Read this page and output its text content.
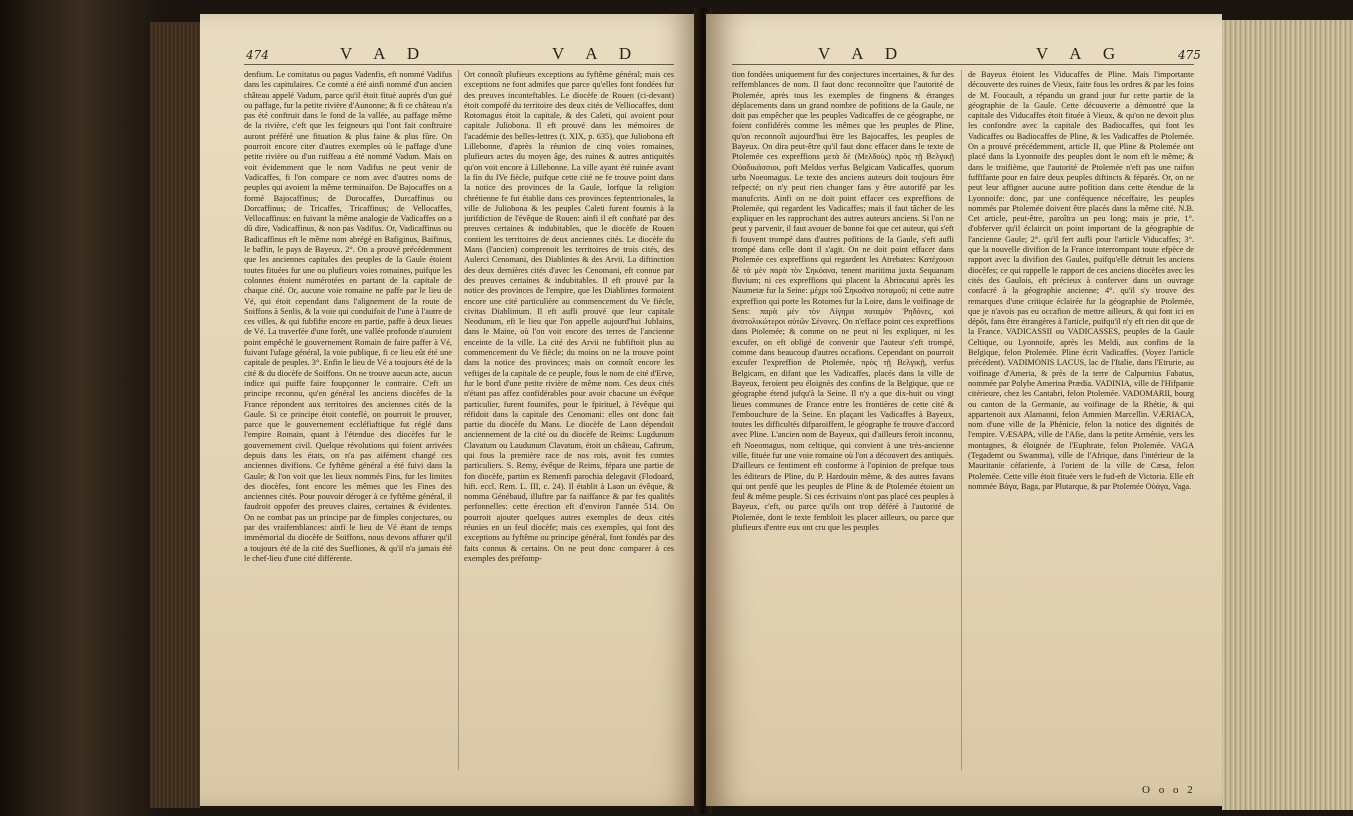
474	V A D	V A D
denfium. Le comitatus ou pagus Vadenfis, eft nommé Vadifus dans les capitulaires. Ce comté a été ainfi nommé d'un ancien château appelé Vadum, parce qu'il étoit fitué auprès d'un gué ou paffage, fur la petite rivière d'Aunonne; & fi ce château n'a pas été conftruit dans le fond de la vallée, au paffage même de la rivière, c'eft que les feigneurs qui l'ont fait conftruire auront préféré une fituation & plus faine & plus fûre. On pourroit encore citer d'autres exemples où le paffage d'une petite rivière ou d'un ruiffeau a été nommé Vadum. Mais on voit évidemment que le nom Vadifus ne peut venir de Vadicaffes, fi l'on compare ce nom avec d'autres noms de peuples qui avoient la même terminaifon. De Bajocaffes on a formé Bajocaffinus; de Durocaffes, Durcaffinus ou Dorcaffinus; de Tricaffes, Tricaffinus; de Vellocaffes, Vellocaffinus: en fuivant la même analogie de Vadicaffes on a dû dire, Vadicaffinus, & non pas Vadifus. Or, Vadicaffinus ou Badicaffinus eft le même nom abrégé en Bafiginus, Baifinus, le baffin, le pays de Bayeux. 2°. On a prouvé précédemment que les anciennes capitales des peuples de la Gaule étoient toutes fituées fur une ou plufieurs voies romaines, puifque les colonnes étoient numérotées en partant de la capitale de chaque cité. Or, aucune voie romaine ne paffe par le lieu de Vé, qui étoit cependant dans l'alignement de la route de Soiffons à Senlis, & la voie qui conduifoit de l'une à l'autre de ces villes, & qui fubfifte encore en partie, paffe à deux lieues de Vé. La traverfée d'une forêt, une vallée profonde n'auroient point empêché le gouvernement Romain de faire paffer à Vé, fuivant l'ufage général, la voie publique, fi ce lieu eût été une capitale de peuples. 3°. Enfin le lieu de Vé a toujours été de la cité & du diocèfe de Soiffons. On ne trouve aucun acte, aucun indice qui puiffe faire foupçonner le contraire. C'eft un principe reconnu, qu'en général les anciens diocèfes de la France répondent aux territoires des anciennes cités de la Gaule. Si ce principe étoit conteflé, on pourroit le prouver, parce que le gouvernement eccléfiaftique fut réglé dans l'empire Romain, quant à l'étendue des diocèfes fur le gouvernement civil. Quelque révolutions qui foient arrivées depuis dans les états, on n'a pas aifément changé ces anciennes divifions. Ce fyftême général a été fuivi dans la Gaule; & l'on voit que les lieux nommés Fins, fur les limites des diocèfes, font encore les mêmes que les Fines des anciennes cités. Pour pouvoir déroger à ce fyftême général, il faudroit oppofer des preuves claires, certaines & évidentes. On ne combat pas un principe par de fimples conjectures, ou par des vraifemblances: ainfi le lieu de Vé étant de temps immémorial du diocèfe de Soiffons, nous devons affurer qu'il a toujours été de la cité des Suefliones, & qu'il n'a jamais été le chef-lieu d'une cité différente.
Ort connoît plufieurs exceptions au fyftême général; mais ces exceptions ne font admifes que parce qu'elles font fondées fur des preuves inconteftables. Le diocèfe de Rouen (ci-devant) étoit compofé du territoire des deux cités de Velliocaffes, dont Rotomagus étoit la capitale, & des Caleti, qui avoient pour capitale Juliobona. Il eft prouvé dans les mémoires de l'académie des belles-lettres (t. XIX, p. 635), que Juliobona eft Lillebonne, d'après la réunion de cinq voies romaines, plufieurs actes du moyen âge, des ruines & autres antiquités qu'on voit encore à Lillebonne. La ville ayant été ruinée avant la fin du IVe fiècle, puifque cette cité ne fe trouve point dans la notice des provinces de la Gaule, lorfque la religion chrétienne fe fut établie dans ces provinces feptentrionales, la ville de Juliobona & les peuples Caleti furent foumis à la jurifdiction de l'évêque de Rouen: ainfi il eft conftaté par des preuves certaines & indubitables, que le diocèfe de Rouen contient les territoires de deux anciennes cités. Le diocèfe du Mans (l'ancien) comprenoit les territoires de trois cités, des Aulerci Cenomani, des Diablintes & des Arvii. La diftinction des deux dernières cités d'avec les Cenomani, eft connue par des preuves certaines & indubitables. Il eft prouvé par la notice des provinces de l'empire, que les Diablintes formoient encore une cité particulière au commencement du Ve fiècle, civitas Diablintum. Il eft aufli prouvé que leur capitale Neodunum, eft le lieu que l'on appelle aujourd'hui Jublains, dans le Maine, où l'on voit encore des terres de l'ancienne enceinte de la ville. La cité des Arvii ne fubfiftoit plus au commencement du Ve fiècle; du moins on ne la trouve point dans la notice des provinces; mais on connoît encore les veftiges de la capitale de ce peuple, fous le nom de cité d'Erve, fur le bord d'une petite rivière de même nom. Ces deux cités n'étant pas affez confidérables pour avoir chacune un évêque particulier, furent foumifes, pour le fpirituel, à l'évêque qui réfidoit dans la capitale des Cenomani: elles ont donc fait partie du diocèfe du Mans. Le diocèfe de Laon dépendoit anciennement de la cité ou du diocèfe de Reims: Lugdunum Clavatum ou Laudunum Clavatum, étoit un château, Caftrum, qui fous la première race de nos rois, avoit fes comtes particuliers. S. Remy, évêque de Reims, fépara une partie de fon diocèfe, partim ex Remenfi parochia delegavit (Flodoard, hift. eccl. Rem. L. III, c. 24). Il établit à Laon un évêque, & nomma Génébaud, illuftre par fa naiffance & par fes qualités perfonnelles: cette érection eft d'environ l'année 514. On pourroit ajouter quelques autres exemples de deux cités réunies en un feul diocèfe; mais ces exemples, qui font des exceptions au fyftême ou principe général, font fondés par des faits connus & certains. On ne peut donc comparer à ces exemples des préfomp-
V A D	V A G	475
tion fondées uniquement fur des conjectures incertaines, & fur des reffemblances de nom. Il faut donc reconnoître que l'autorité de Ptolemée, après tous les exemples de fingnens & étranges déplacements dans un grand nombre de pofitions de la Gaule, ne doit pas empêcher que les peuples Vadicaffes de ce géographe, ne foient confidérés comme les mêmes que les peuples de Pline, qu'on reconnoît aujourd'hui être les Bajocaffes, les peuples de Bayeux. On dira peut-être qu'il faut donc effacer dans le texte de Ptolemée ces expreffions μετὰ δὲ (Μελδοὺς) πρὸς τῇ Βελγικῇ Οὐαδικάσσιοι, poft Meldos verfus Belgicam Vadicaffes, quorum urbs Noeomagus. Le texte des anciens auteurs doit toujours être refpecté; on n'y peut rien changer fans y être autorifé par les manufcrits. Ainfi on ne doit point effacer ces expreffions de Ptolemée, qui regardent les Vadicaffes; mais il faut tâcher de les expliquer en les rapprochant des autres auteurs anciens. Si l'on ne peut y parvenir, il faut avouer de bonne foi que cet auteur, qui s'eft fi fouvent trompé dans d'autres pofitions de la Gaule, s'eft aufli trompé dans celle dont il s'agit. On ne doit point effacer dans Ptolemée ces expreffions qui regardent les Atrebates: Κατέχουσι δὲ τὰ μὲν παρὰ τὸν Σηκόανα, tenent maritima juxta Sequanam fluvium; ni ces expreffions qui placent la Abrincatui après les Naumetæ fur la Seine: μέχρι τοῦ Σηκοάνα ποταμοῦ; ni cette autre expreffion qui porte les Rotomes fur la Loire, dans le voifinage de Sens: παρὰ μὲν τὸν Λίγηρα ποταμὸν Ῥηδόνες, καὶ ἀνατολικώτεροι αὐτῶν Σένονες. On n'efface point ces expreffions dans Ptolemée; & comme on ne peut ni les expliquer, ni les excufer, on eft obligé de convenir que l'auteur s'eft trompé, comme dans beaucoup d'autres occafions. Cependant on pourroit excufer l'expreffion de Ptolemée, πρὸς τῇ Βελγικῇ, verfus Belgicam, en difant que les Vadicaffes, placés dans la ville de Bayeux, feroient peu éloignés des confins de la Belgique, que ce géographe étend jufqu'à la Seine. Il n'y a que dix-huit ou vingt lieues communes de France entre les frontières de cette cité & l'embouchure de la Seine. En plaçant les Vadicaffes à Bayeux, toutes les difficultés difparoiffent, le géographe fe trouve d'accord avec Pline. L'ancien nom de Bayeux, qui d'ailleurs feroit inconnu, eft Noeomagus, nom celtique, qui convient à une très-ancienne ville, fituée fur une voie romaine où l'on a découvert des antiqués. D'ailleurs ce fentiment eft conforme à l'opinion de prefque tous les éditeurs de Pline, du P. Hardouin même, & des autres favans qui ont penfé que les peuples de Pline & de Ptolemée étoient un feul & même peuple. Si ces écrivains n'ont pas placé ces peuples à Bayeux, c'eft, ou parce qu'ils ont trop déféré à l'autorité de Ptolemée, dont le texte fembloit les placer ailleurs, ou parce que plufieurs d'entre eux ont cru que les peuples
de Bayeux étoient les Viducaffes de Pline. Mais l'importante découverte des ruines de Vieux, faite fous les ordres & par les foins de M. Foucault, a répandu un grand jour fur cette partie de la géographie de la Gaule. Cette découverte a démontré que la capitale des Viducaffes étoit fituée à Vieux, & qu'on ne devoit plus les confondre avec la capitale des Badiocaffes, qui font les Vadicaffes ou Badiocaffes de Pline, & les Vadicaffes de Ptolemée. On a prouvé précédemment, article II, que Pline & Ptolemée ont placé dans la Lyonnoife des peuples dont le nom eft le même; & dans le troifième, que l'autorité de Ptolemée n'eft pas une raifon fuffifante pour en faire deux peuples diftincts & féparés. Or, on ne peut leur affigner aucune autre pofition dans cette étendue de la Lyonnoife: donc, par une conféquence néceffaire, les peuples nommés par Ptolemée doivent être placés dans la même cité. N.B. Cet article, peut-être, paroîtra un peu long; mais je prie, 1°. d'obferver qu'il éclaircit un point important de la géographie de l'ancienne Gaule; 2°. qu'il fert aufli pour l'article Viducaffes; 3°. que la nouvelle divifion de la France interrompant toute efpèce de rapport avec la divifion des Gaules, puifqu'elle détruit les anciens diocèfes; ce qui rappelle le rapport de ces anciens diocèfes avec les cités des Gaulois, eft précieux à conferver dans un ouvrage confacré à la géographie ancienne; 4°. qu'il s'y trouve des remarques d'une critique éclairée fur la géographie de Ptolemée, que je n'avois pas eu occafion de mettre ailleurs, & qui font ici en dépôt, fans être étrangères à l'article, puifqu'il n'y eft rien dit que de la France. VADICASSII ou VADICASSES, peuples de la Gaule Celtique, ou Lyonnoife, après les Meldi, aux confins de la Belgique, felon Ptolemée. Pline écrit Vadicaffes. (Voyez l'article précédent). VADIMONIS LACUS, lac de l'Italie, dans l'Etrurie, au voifinage d'Ameria, & près de la terre de Calpurnius Fabatus, nommée par Polybe Amerina Prædia. VADINIA, ville de l'Hifpanie citérieure, chez les Cantabri, felon Ptolemée. VADOMARII, bourg ou canton de la Germanie, au voifinage de la Rhétie, & qui appartenoit aux Alamanni, felon Ammien Marcellin. VÆRIACA, nom d'une ville de la Phénicie, felon la notice des dignités de l'empire. VÆSAPA, ville de l'Afie, dans la petite Arménie, vers les montagnes, & éloignée de l'Euphrate, felon Ptolemée. VAGA (Tegademt ou Swamma), ville de l'Afrique, dans l'intérieur de la Mauritanie céfarienfe, à l'orient de la ville de Cæsa, felon Ptolemée. Cette ville étoit fituée vers le fud-eft de Victoria. Elle eft nommée Βάγα, Baga, par Plutarque, & par Ptolemée Οὐάγα, Vaga.
O o o 2
